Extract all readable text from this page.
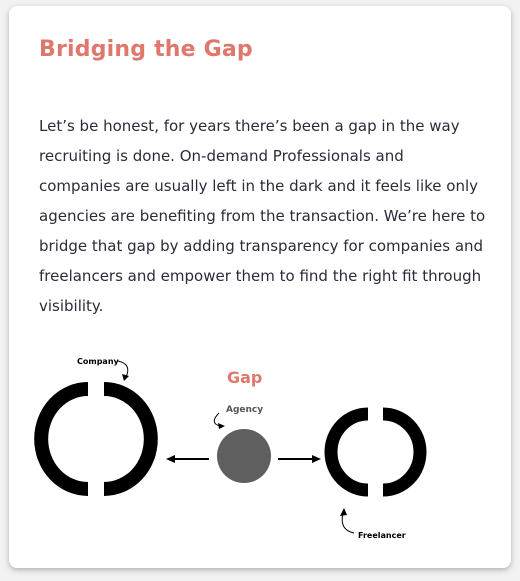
Bridging the Gap

Let’s be honest, for years there’s been a gap in the way recruiting is done. On-demand Professionals and companies are usually left in the dark and it feels like only agencies are benefiting from the transaction. We’re here to bridge that gap by adding transparency for companies and freelancers and empower them to find the right fit through visibility.

Gap
Company
Agency
Freelancer
